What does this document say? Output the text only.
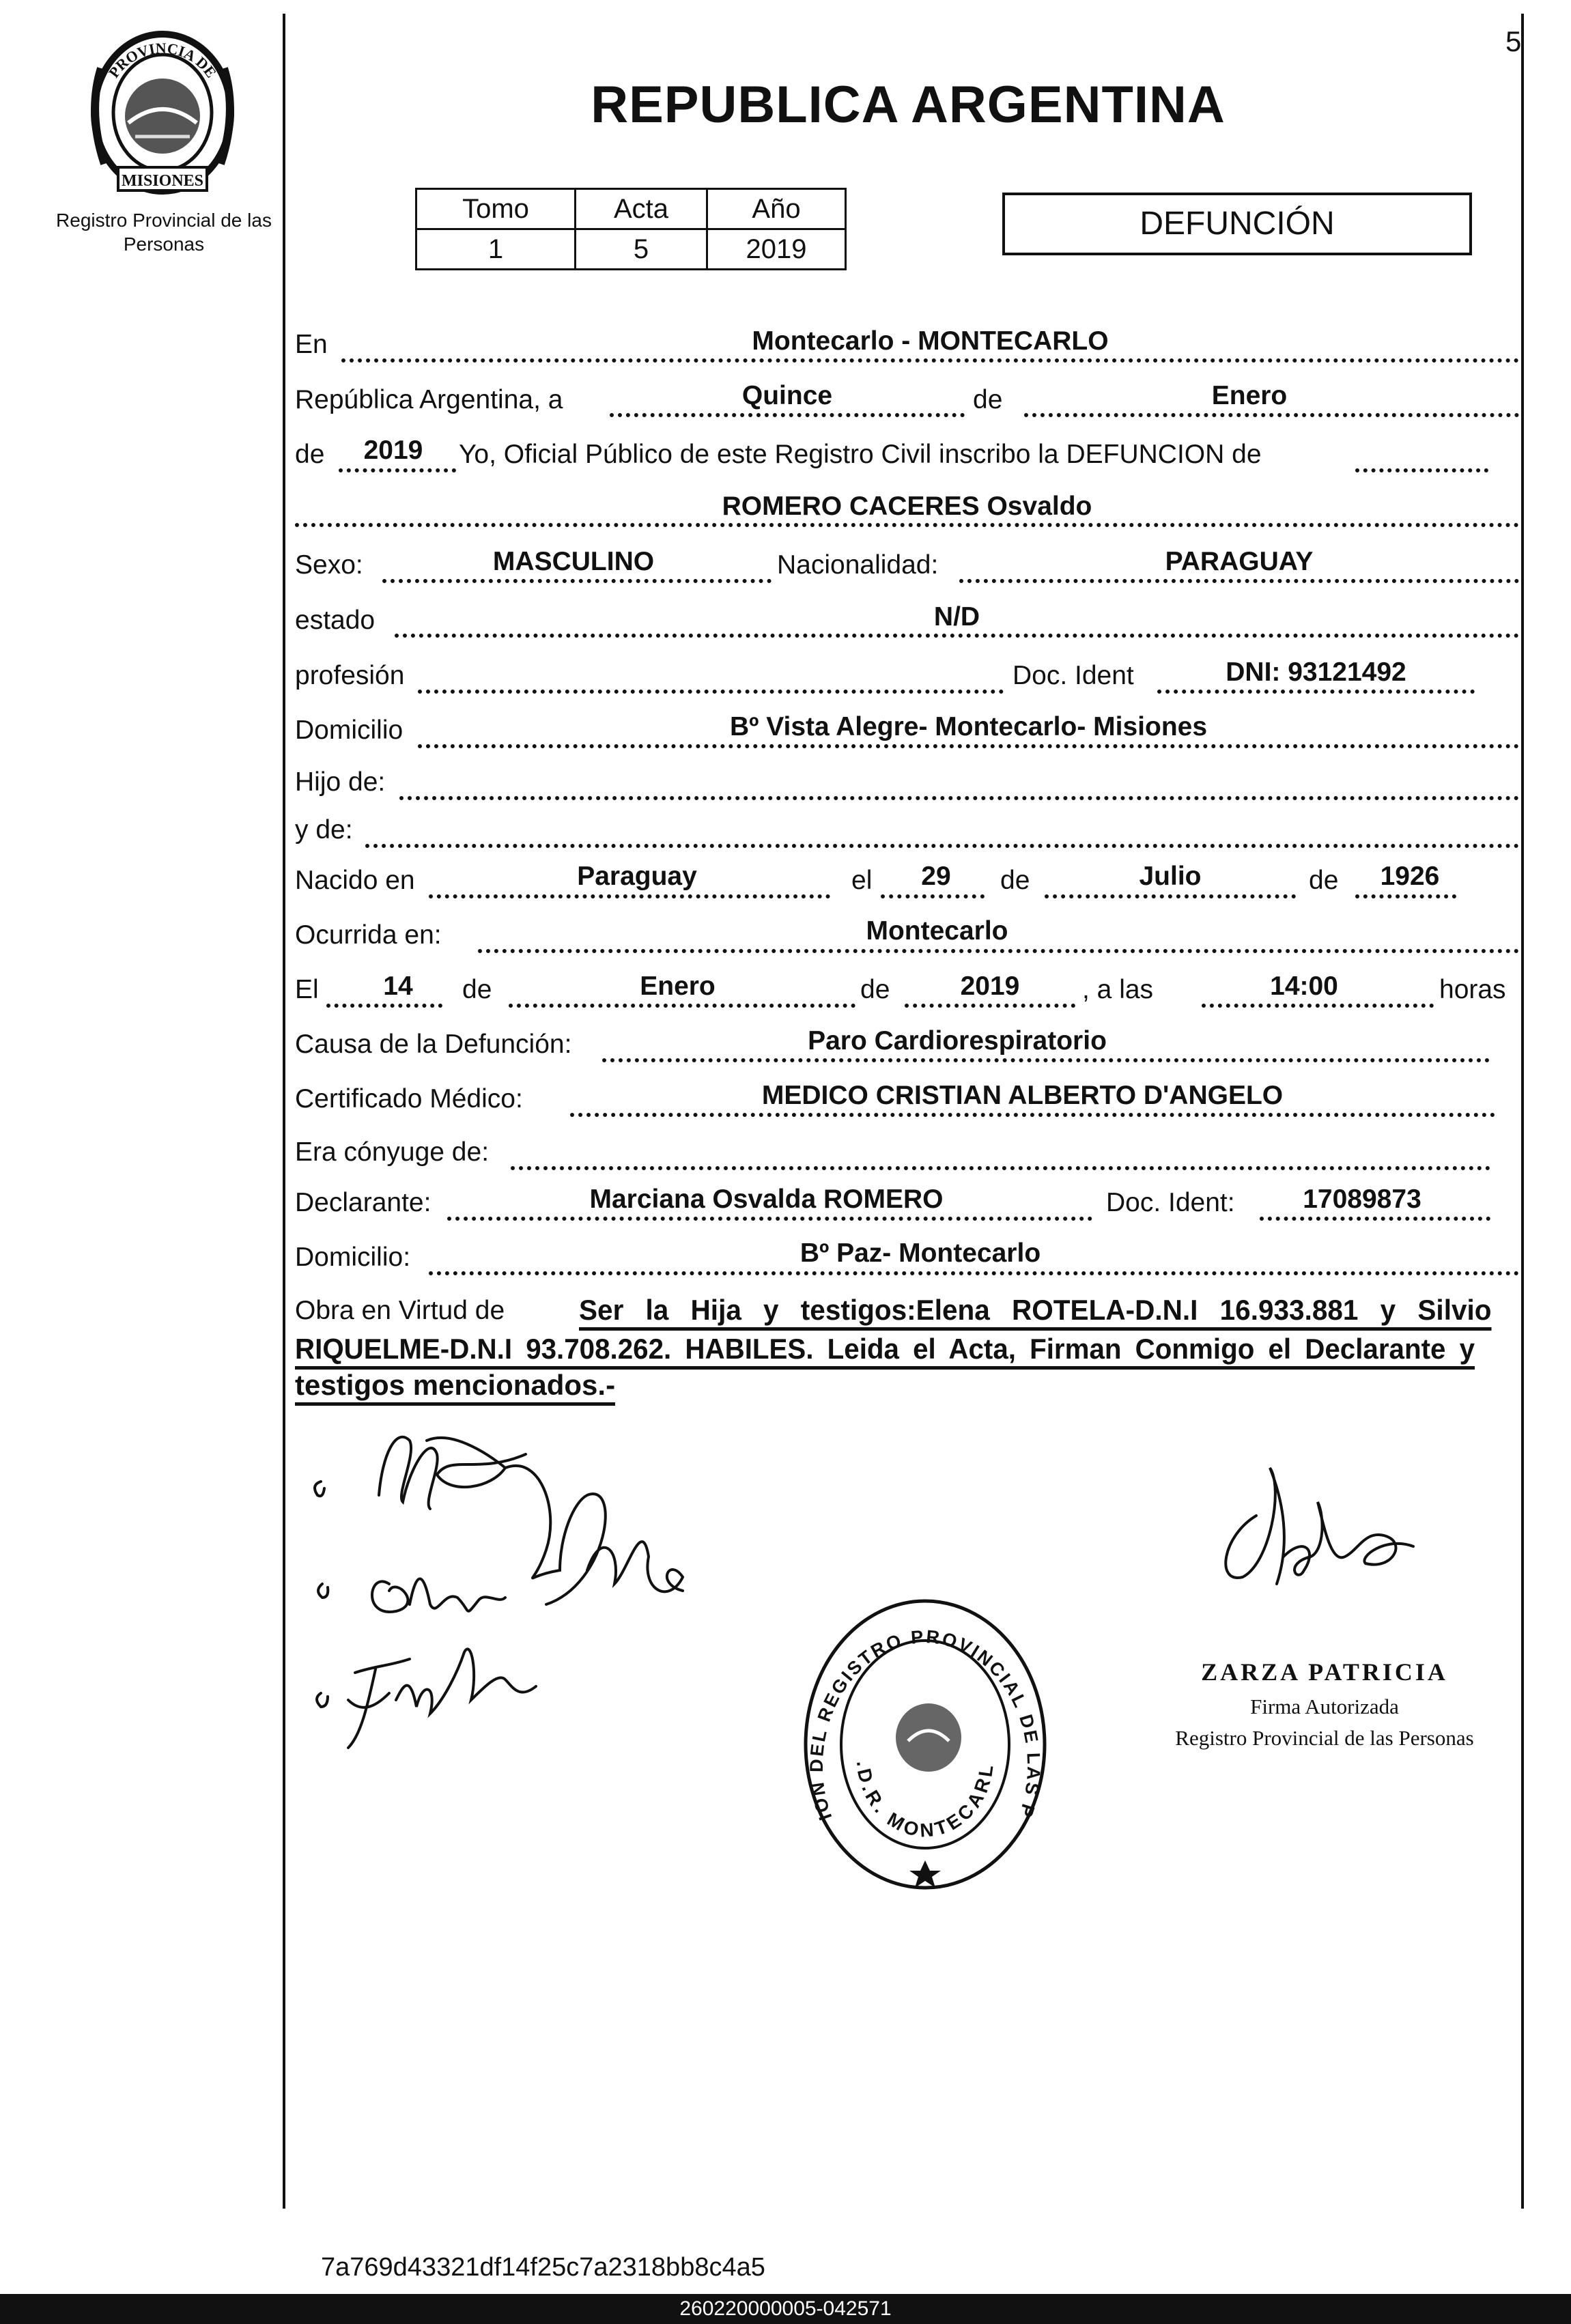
5
PROVINCIA DE
MISIONES
Registro Provincial de las Personas
REPUBLICA ARGENTINA
Tomo	Acta	Año
1	5	2019
DEFUNCIÓN
En	Montecarlo - MONTECARLO
República Argentina, a	Quince	de	Enero
de	2019	Yo, Oficial Público de este Registro Civil inscribo la DEFUNCION de
ROMERO CACERES Osvaldo
Sexo:	MASCULINO	Nacionalidad:	PARAGUAY
estado	N/D
profesión	Doc. Ident	DNI: 93121492
Domicilio	Bº Vista Alegre- Montecarlo- Misiones
Hijo de:
y de:
Nacido en	Paraguay	el	29	de	Julio	de	1926
Ocurrida en:	Montecarlo
El	14	de	Enero	de	2019	, a las	14:00	horas
Causa de la Defunción:	Paro Cardiorespiratorio
Certificado Médico:	MEDICO CRISTIAN ALBERTO D'ANGELO
Era cónyuge de:
Declarante:	Marciana Osvalda ROMERO	Doc. Ident:	17089873
Domicilio:	Bº Paz- Montecarlo
Obra en Virtud de	Ser la Hija y testigos:Elena ROTELA-D.N.I 16.933.881 y Silvio
RIQUELME-D.N.I 93.708.262. HABILES. Leida el Acta, Firman Conmigo el Declarante y
testigos mencionados.-
ION DEL REGISTRO PROVINCIAL DE LAS P
.D.R. MONTECARL
ZARZA PATRICIA
Firma Autorizada
Registro Provincial de las Personas
7a769d43321df14f25c7a2318bb8c4a5
260220000005-042571
